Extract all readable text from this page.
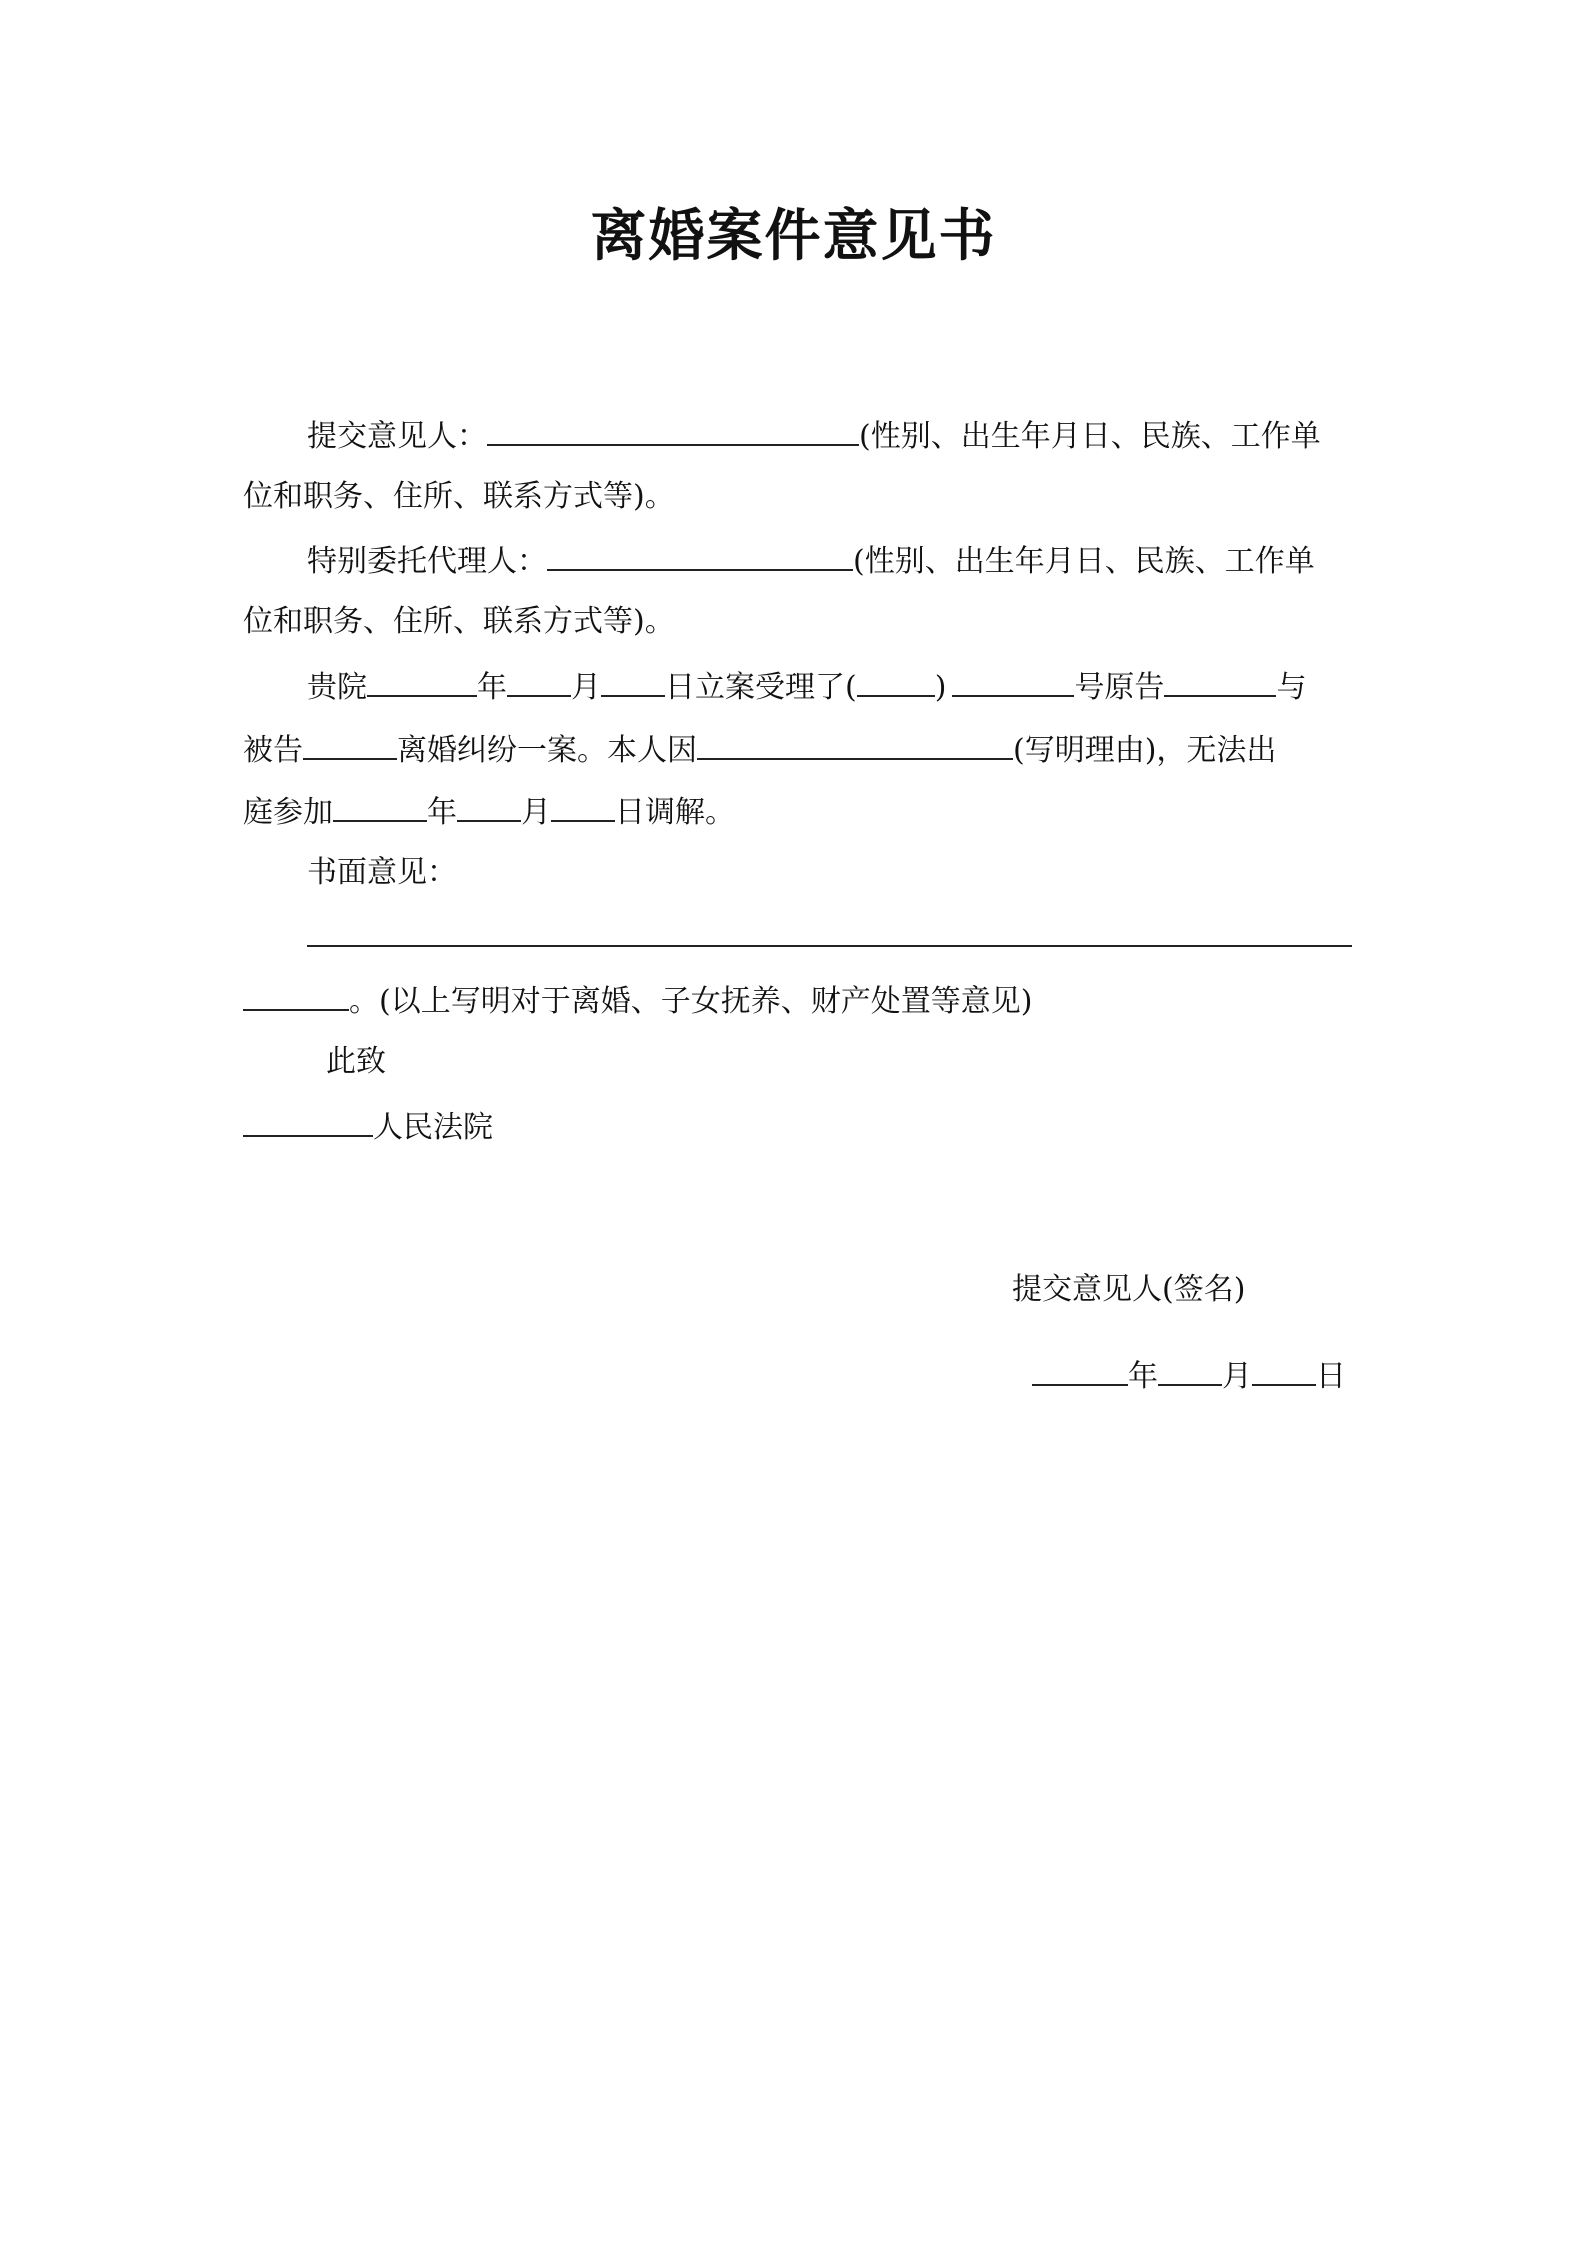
离婚案件意见书
提交意见人：	(性别、出生年月日、民族、工作单
位和职务、住所、联系方式等)。
特别委托代理人：	(性别、出生年月日、民族、工作单
位和职务、住所、联系方式等)。
贵院	年 月 日立案受理了(	)	号原告	与
被告	离婚纠纷一案。本人因	(写明理由)，无法出
庭参加	年 月 日调解。
书面意见：
。(以上写明对于离婚、子女抚养、财产处置等意见)
此致
人民法院
提交意见人(签名)
年 月 日
